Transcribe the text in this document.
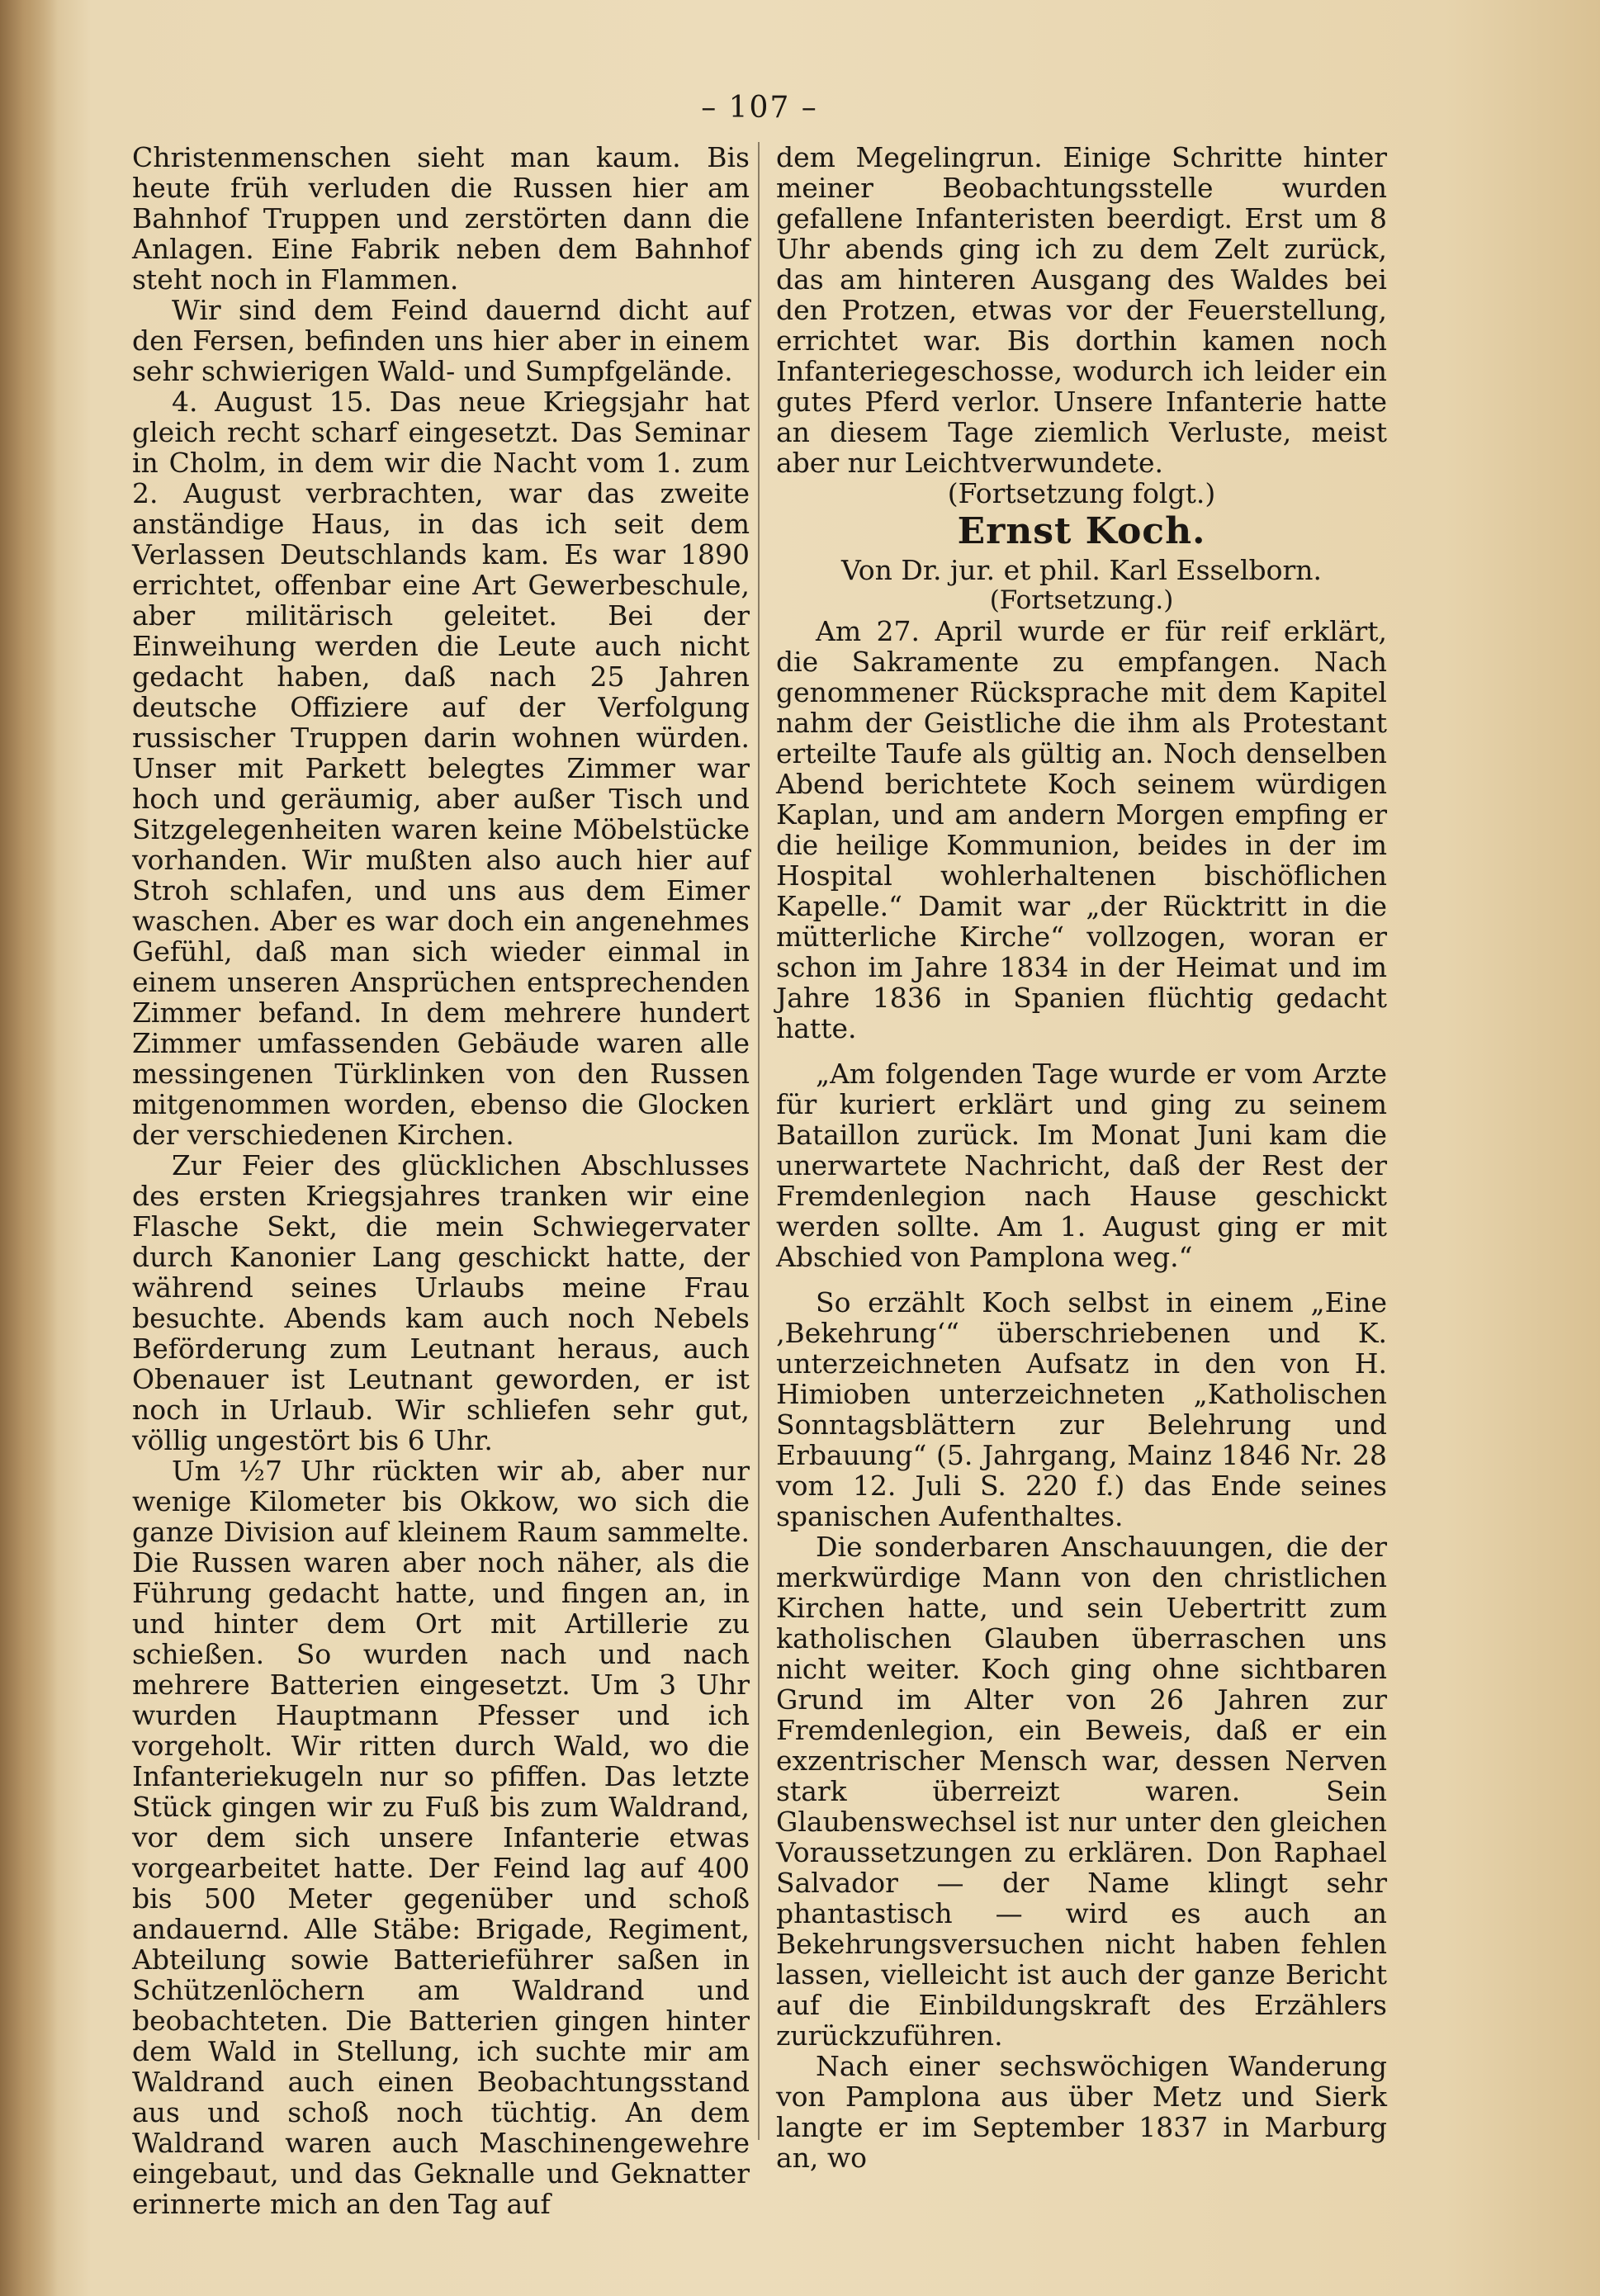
– 107 –

Christenmenschen sieht man kaum. Bis heute früh verluden die Russen hier am Bahnhof Truppen und zerstörten dann die Anlagen. Eine Fabrik neben dem Bahnhof steht noch in Flammen.

Wir sind dem Feind dauernd dicht auf den Fersen, befinden uns hier aber in einem sehr schwierigen Wald- und Sumpfgelände.

4. August 15. Das neue Kriegsjahr hat gleich recht scharf eingesetzt. Das Seminar in Cholm, in dem wir die Nacht vom 1. zum 2. August verbrachten, war das zweite anständige Haus, in das ich seit dem Verlassen Deutschlands kam. Es war 1890 errichtet, offenbar eine Art Gewerbeschule, aber militärisch geleitet. Bei der Einweihung werden die Leute auch nicht gedacht haben, daß nach 25 Jahren deutsche Offiziere auf der Verfolgung russischer Truppen darin wohnen würden. Unser mit Parkett belegtes Zimmer war hoch und geräumig, aber außer Tisch und Sitzgelegenheiten waren keine Möbelstücke vorhanden. Wir mußten also auch hier auf Stroh schlafen, und uns aus dem Eimer waschen. Aber es war doch ein angenehmes Gefühl, daß man sich wieder einmal in einem unseren Ansprüchen entsprechenden Zimmer befand. In dem mehrere hundert Zimmer umfassenden Gebäude waren alle messingenen Türklinken von den Russen mitgenommen worden, ebenso die Glocken der verschiedenen Kirchen.

Zur Feier des glücklichen Abschlusses des ersten Kriegsjahres tranken wir eine Flasche Sekt, die mein Schwiegervater durch Kanonier Lang geschickt hatte, der während seines Urlaubs meine Frau besuchte. Abends kam auch noch Nebels Beförderung zum Leutnant heraus, auch Obenauer ist Leutnant geworden, er ist noch in Urlaub. Wir schliefen sehr gut, völlig ungestört bis 6 Uhr.

Um ½7 Uhr rückten wir ab, aber nur wenige Kilometer bis Okkow, wo sich die ganze Division auf kleinem Raum sammelte. Die Russen waren aber noch näher, als die Führung gedacht hatte, und fingen an, in und hinter dem Ort mit Artillerie zu schießen. So wurden nach und nach mehrere Batterien eingesetzt. Um 3 Uhr wurden Hauptmann Pfesser und ich vorgeholt. Wir ritten durch Wald, wo die Infanteriekugeln nur so pfiffen. Das letzte Stück gingen wir zu Fuß bis zum Waldrand, vor dem sich unsere Infanterie etwas vorgearbeitet hatte. Der Feind lag auf 400 bis 500 Meter gegenüber und schoß andauernd. Alle Stäbe: Brigade, Regiment, Abteilung sowie Batterieführer saßen in Schützenlöchern am Waldrand und beobachteten. Die Batterien gingen hinter dem Wald in Stellung, ich suchte mir am Waldrand auch einen Beobachtungsstand aus und schoß noch tüchtig. An dem Waldrand waren auch Maschinengewehre eingebaut, und das Geknalle und Geknatter erinnerte mich an den Tag auf

dem Megelingrun. Einige Schritte hinter meiner Beobachtungsstelle wurden gefallene Infanteristen beerdigt. Erst um 8 Uhr abends ging ich zu dem Zelt zurück, das am hinteren Ausgang des Waldes bei den Protzen, etwas vor der Feuerstellung, errichtet war. Bis dorthin kamen noch Infanteriegeschosse, wodurch ich leider ein gutes Pferd verlor. Unsere Infanterie hatte an diesem Tage ziemlich Verluste, meist aber nur Leichtverwundete.

(Fortsetzung folgt.)

Ernst Koch.

Von Dr. jur. et phil. Karl Esselborn.

(Fortsetzung.)

Am 27. April wurde er für reif erklärt, die Sakramente zu empfangen. Nach genommener Rücksprache mit dem Kapitel nahm der Geistliche die ihm als Protestant erteilte Taufe als gültig an. Noch denselben Abend berichtete Koch seinem würdigen Kaplan, und am andern Morgen empfing er die heilige Kommunion, beides in der im Hospital wohlerhaltenen bischöflichen Kapelle.“ Damit war „der Rücktritt in die mütterliche Kirche“ vollzogen, woran er schon im Jahre 1834 in der Heimat und im Jahre 1836 in Spanien flüchtig gedacht hatte.

„Am folgenden Tage wurde er vom Arzte für kuriert erklärt und ging zu seinem Bataillon zurück. Im Monat Juni kam die unerwartete Nachricht, daß der Rest der Fremdenlegion nach Hause geschickt werden sollte. Am 1. August ging er mit Abschied von Pamplona weg.“

So erzählt Koch selbst in einem „Eine ‚Bekehrung‘“ überschriebenen und K. unterzeichneten Aufsatz in den von H. Himioben unterzeichneten „Katholischen Sonntagsblättern zur Belehrung und Erbauung“ (5. Jahrgang, Mainz 1846 Nr. 28 vom 12. Juli S. 220 f.) das Ende seines spanischen Aufenthaltes.

Die sonderbaren Anschauungen, die der merkwürdige Mann von den christlichen Kirchen hatte, und sein Uebertritt zum katholischen Glauben überraschen uns nicht weiter. Koch ging ohne sichtbaren Grund im Alter von 26 Jahren zur Fremdenlegion, ein Beweis, daß er ein exzentrischer Mensch war, dessen Nerven stark überreizt waren. Sein Glaubenswechsel ist nur unter den gleichen Voraussetzungen zu erklären. Don Raphael Salvador — der Name klingt sehr phantastisch — wird es auch an Bekehrungsversuchen nicht haben fehlen lassen, vielleicht ist auch der ganze Bericht auf die Einbildungskraft des Erzählers zurückzuführen.

Nach einer sechswöchigen Wanderung von Pamplona aus über Metz und Sierk langte er im September 1837 in Marburg an, wo
